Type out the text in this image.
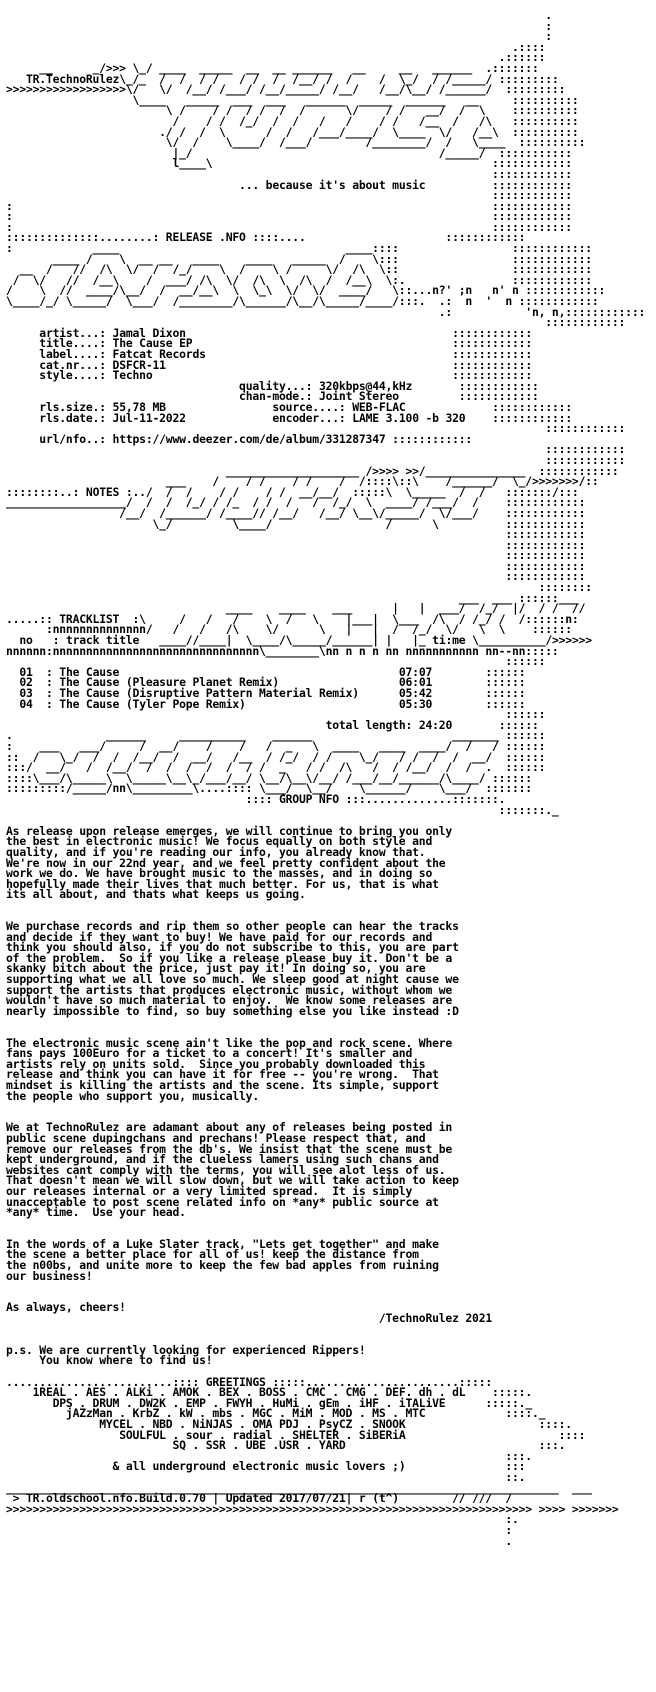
.
:
:
.::::
.::::::
__      _/>>> \_/ ____  _____  __  __ ______   __     __   ______  .:::::::
TR.TechnoRulez\_/_  /  /  / /   / /  /  /__/ /  /    /  \_/  / /_____/ :::::::::
>>>>>>>>>>>>>>>>>>\/   \/  /__/ /___/ /__/_____/ /__/   /__/\__/ /______/  :::::::::
\____   _____  ___  ___   ______  _____  ______   __     ::::::::::
\ /    / /  / /  /  /      \/    / /   __/  /  \    ::::::::::
/    / /  /_/  /  /   /   /    / /   /__  /   /\   ::::::::::
./ /  /  \      /  /   /___/____/  \____  \/   /__\  ::::::::::
\/  /    \____/  /___/        /________/  /   \____  ::::::::::
|_/                                     /_____/  :::::::::::
l____\                                          ::::::::::::
::::::::::::
... because it's about music	::::::::::::
::::::::::::
:                                                                        ::::::::::::
:                                                                        ::::::::::::
:                                                                        ::::::::::::
::::::::::::::........: RELEASE .NFO ::::....                     ::::::::::::
:            ____                                  ____::::                 ::::::::::::
____ /    \  __ __   ____    ____   _____  /    \:::                 ::::::::::::
__  /   //  /\  \/  /  /_/    \  /    \ /     \/  /\  \::                 ::::::::::::
/  \/   //  /__\    /  ___/ /\  \/  /\  \  /\  /  /__\  \:.                ::::::::::::
/    \  //  ____/\__/  /  __/__\  \  \_\  \/  \/  ____/   \::...n?' ;n   n' n ::::::::::::
\____/_/ \_____/  \___/  /________/\______/\__/\_____/____/:::.  .:  n  '  n ::::::::::::
.:           'n, n,::::::::::::
::::::::::::
artist...: Jamal Dixon	::::::::::::
title....: The Cause EP	::::::::::::
label....: Fatcat Records	::::::::::::
cat.nr...: DSFCR-11	::::::::::::
style....: Techno	::::::::::::
quality...: 320kbps@44,kHz	::::::::::::
chan-mode.: Joint Stereo	::::::::::::
rls.size.: 55,78 MB	source....: WEB-FLAC	::::::::::::
rls.date.: Jul-11-2022	encoder...: LAME 3.100 -b 320    ::::::::::::
::::::::::::
url/nfo..: https://www.deezer.com/de/album/331287347 ::::::::::::
::::::::::::
::::::::::::
____________________ />>>> >>/_______________  ::::::::::::
___    /    / /    / /    /  /::::\::\    /______/  \_/>>>>>>>/::
::::::::..: NOTES :../  /  /    / /    / /  __/__/  :::::\  \_____  /  /   :::::::/:::
__________________/  /  /  /_/ / /_  / /  /   /  /_/  \  ____/ /___/  /    ::::::::::::
/__/  /______/ /____// /__/   /__/ \__\/_____/  \/___/    ::::::::::::
\_/         \____/                 /      \          ::::::::::::
::::::::::::
::::::::::::
::::::::::::
::::::::::::
::::::::::::
::::::::
___  ___ ::::::___
____    ____    ___      |   |  ___/  /_/  |/  / /  //
.....:: TRACKLIST  :\     /   /   /    \  /   \    |___|  \___  /\  / /_/ /  /::::::n:
:nnnnnnnnnnnnnn/   /   /   /\    \/      \   |   |  /  /_/  \/   \  \    ::::::
no   : track title   ____//____|  \____/\_____/______| |   |_ ti:me \__________/>>>>>>
nnnnnn:nnnnnnnnnnnnnnnnnnnnnnnnnnnnnnn\________\nn n n n nn nnnnnnnnnnn nn--nn:::::
::::::
01  : The Cause	07:07	::::::
02  : The Cause (Pleasure Planet Remix)	06:01	::::::
03  : The Cause (Disruptive Pattern Material Remix)	05:42	::::::
04  : The Cause (Tyler Pope Remix)	05:30	::::::
::::::
total length: 24:20	::::::
.              ______     __________    ______                     _______ ::::::
:    ___   ___/     /  __/    /    /   /  _   \  ____   ____  ____/  /   / ::::::
::  /   \_/  /  /  /__/  /  __/   /__  / /_/  / /    \_/   / /  /  /  __/  ::::::
:::/  __/   /  /__/  /  /  /  /  /  / /  _   / /  /\   /  / /__/  /  /  .  ::::::
::::\___/\_____\  \_____\__\_/___/__/ \__/\__\/__/ /___/__/______/\____/ ::::::
:::::::::/_____/nn\_________\....:::: \___/  \__/    \______/    \___/  :::::::
:::: GROUP NFO :::.............:::::::.
:::::::._

As release upon release emerges, we will continue to bring you only
the best in electronic music! We focus equally on both style and
quality, and if you're reading our info, you already know that.
We're now in our 22nd year, and we feel pretty confident about the
work we do. We have brought music to the masses, and in doing so
hopefully made their lives that much better. For us, that is what
its all about, and thats what keeps us going.

We purchase records and rip them so other people can hear the tracks
and decide if they want to buy! We have paid for our records and
think you should also, if you do not subscribe to this, you are part
of the problem.  So if you like a release please buy it. Don't be a
skanky bitch about the price, just pay it! In doing so, you are
supporting what we all love so much. We sleep good at night cause we
support the artists that produces electronic music, without whom we
wouldn't have so much material to enjoy.  We know some releases are
nearly impossible to find, so buy something else you like instead :D

The electronic music scene ain't like the pop and rock scene. Where
fans pays 100Euro for a ticket to a concert! It's smaller and
artists rely on units sold.  Since you probably downloaded this
release and think you can have it for free -- you're wrong.  That
mindset is killing the artists and the scene. Its simple, support
the people who support you, musically.

We at TechnoRulez are adamant about any of releases being posted in
public scene dupingchans and prechans! Please respect that, and
remove our releases from the db's. We insist that the scene must be
kept underground, and if the clueless lamers using such chans and
websites cant comply with the terms, you will see alot less of us.
That doesn't mean we will slow down, but we will take action to keep
our releases internal or a very limited spread.  It is simply
unacceptable to post scene related info on *any* public source at
*any* time.  Use your head.

In the words of a Luke Slater track, "Lets get together" and make
the scene a better place for all of us! keep the distance from
the n00bs, and unite more to keep the few bad apples from ruining
our business!

As always, cheers!
/TechnoRulez 2021

p.s. We are currently looking for experienced Rippers!
You know where to find us!

.........................:::: GREETINGS :::::.......................:::::
1REAL . AES . ALKi . AMOK . BEX . BOSS . CMC . CMG . DEF. dh . dL    :::::.
DPS . DRUM . DW2K . EMP . FWYH . HuMi . gEm . iHF . iTALiVE	:::::._
jAZzMan . KrbZ . kW . mbs . MGC . MiM . MOD . MS . MTC	::::._
MYCEL . NBD . NiNJAS . OMA PDJ . PsyCZ . SNOOK	::::.
SOULFUL . sour . radial . SHELTER . SiBERiA	::::
SQ . SSR . UBE .USR . YARD	:::.
:::.
& all underground electronic music lovers ;)	:::
::.
___________________________________________________________________________________  ___
> TR.oldschool.nfo.Build.0.70 | Updated 2017/07/21| r (t^)	// ///  /
>>>>>>>>>>>>>>>>>>>>>>>>>>>>>>>>>>>>>>>>>>>>>>>>>>>>>>>>>>>>>>>>>>>>>>>>>>>>>>> >>>> >>>>>>>
:.
:
.
